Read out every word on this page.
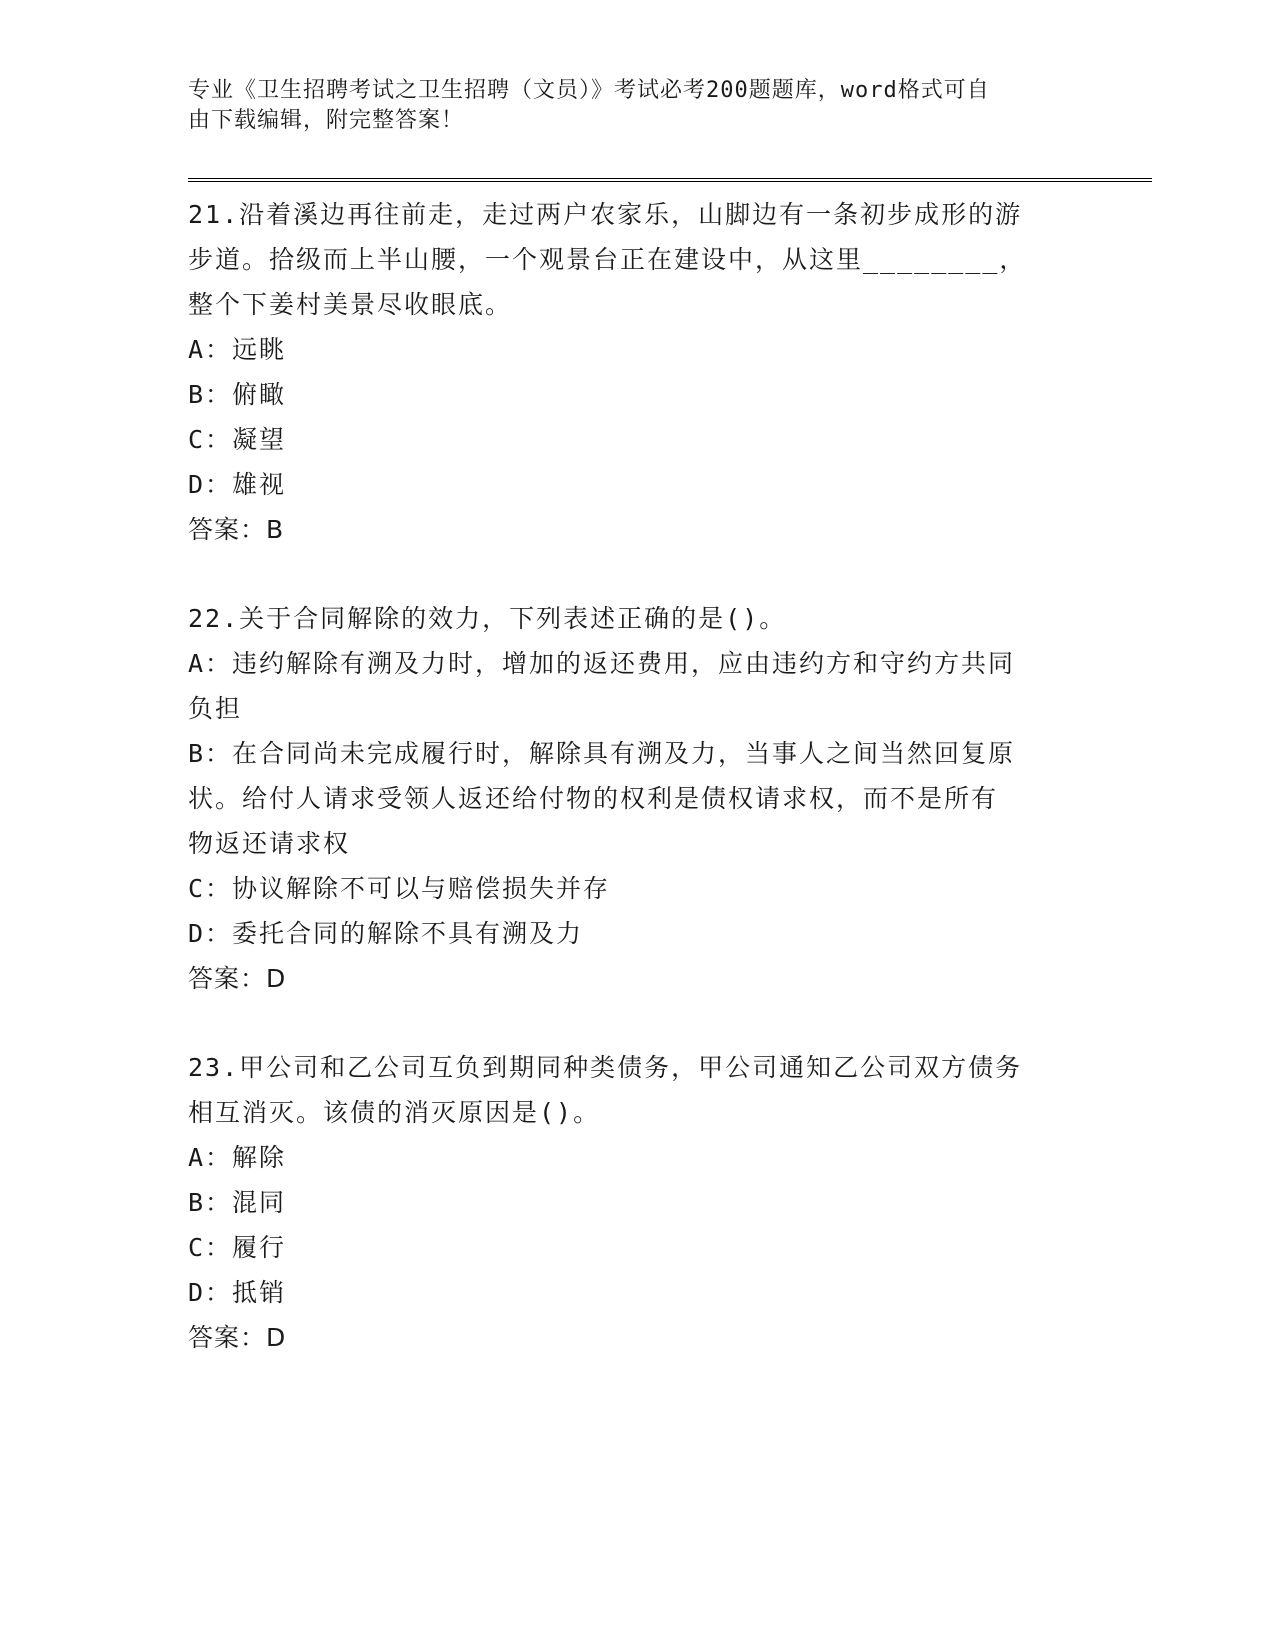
专业《卫生招聘考试之卫生招聘（文员）》考试必考200题题库，word格式可自
由下载编辑，附完整答案！
21.沿着溪边再往前走，走过两户农家乐，山脚边有一条初步成形的游
步道。拾级而上半山腰，一个观景台正在建设中，从这里________，
整个下姜村美景尽收眼底。
A：远眺
B：俯瞰
C：凝望
D：雄视
答案：B
22.关于合同解除的效力，下列表述正确的是()。
A：违约解除有溯及力时，增加的返还费用，应由违约方和守约方共同
负担
B：在合同尚未完成履行时，解除具有溯及力，当事人之间当然回复原
状。给付人请求受领人返还给付物的权利是债权请求权，而不是所有
物返还请求权
C：协议解除不可以与赔偿损失并存
D：委托合同的解除不具有溯及力
答案：D
23.甲公司和乙公司互负到期同种类债务，甲公司通知乙公司双方债务
相互消灭。该债的消灭原因是()。
A：解除
B：混同
C：履行
D：抵销
答案：D
